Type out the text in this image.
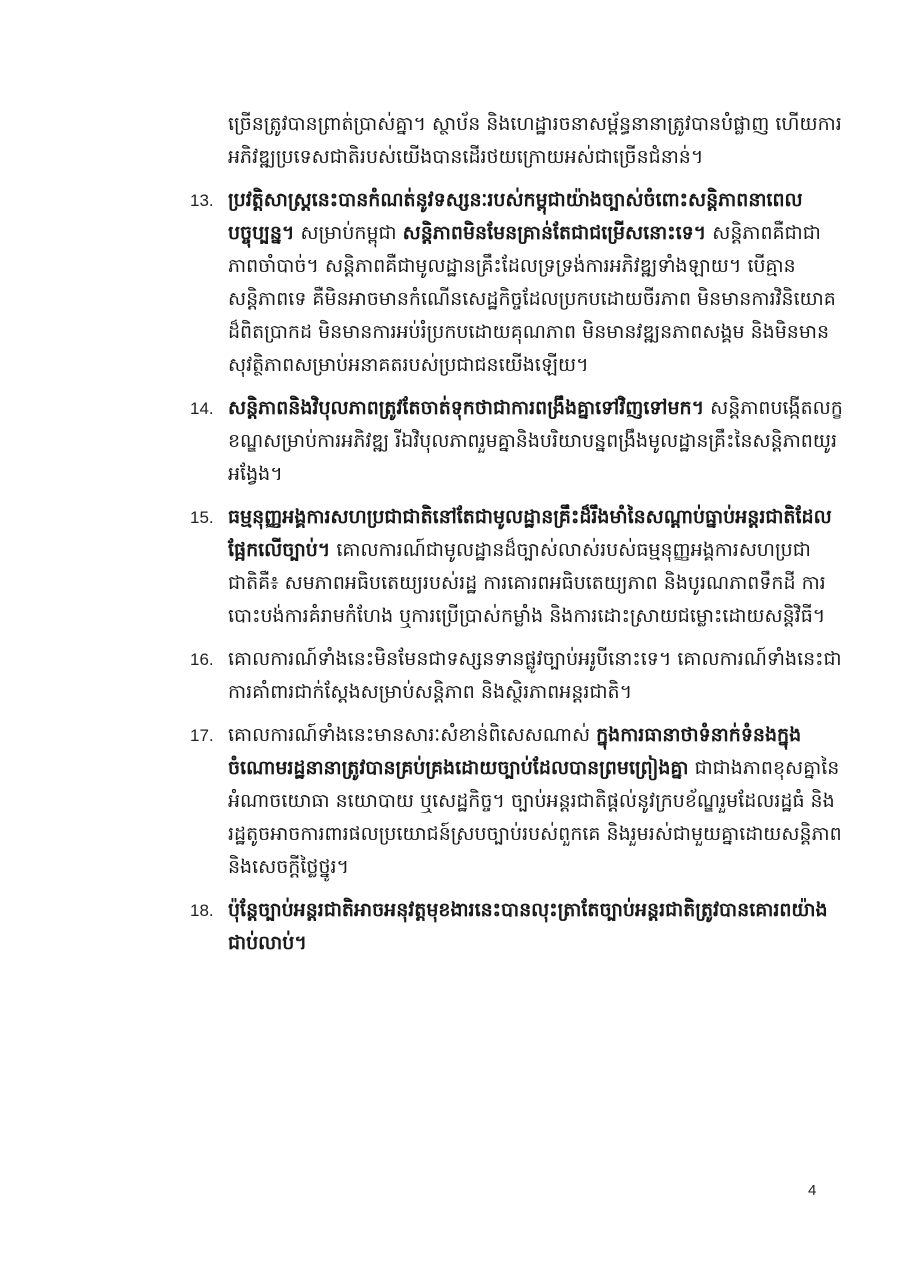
ច្រើនត្រូវបានព្រាត់ប្រាស់គ្នា។ ស្ថាប័ន និងហេដ្ឋារចនាសម្ព័ន្ធនានាត្រូវបានបំផ្លាញ ហើយការអភិវឌ្ឍប្រទេសជាតិរបស់យើងបានដើរថយក្រោយអស់ជាច្រើនជំនាន់។

13. ប្រវត្តិសាស្ត្រនេះបានកំណត់នូវទស្សនៈរបស់កម្ពុជាយ៉ាងច្បាស់ចំពោះសន្តិភាពនាពេលបច្ចុប្បន្ន។ សម្រាប់កម្ពុជា សន្តិភាពមិនមែនគ្រាន់តែជាជម្រើសនោះទេ។ សន្តិភាពគឺជាជាភាពចាំបាច់។ សន្តិភាពគឺជាមូលដ្ឋានគ្រឹះដែលទ្រទ្រង់ការអភិវឌ្ឍទាំងឡាយ។ បើគ្មានសន្តិភាពទេ គឺមិនអាចមានកំណើនសេដ្ឋកិច្ចដែលប្រកបដោយចីរភាព មិនមានការវិនិយោគដ៏ពិតប្រាកដ មិនមានការអប់រំប្រកបដោយគុណភាព មិនមានវឌ្ឍនភាពសង្គម និងមិនមានសុវត្ថិភាពសម្រាប់អនាគតរបស់ប្រជាជនយើងឡើយ។
14. សន្តិភាពនិងវិបុលភាពត្រូវតែចាត់ទុកថាជាការពង្រឹងគ្នាទៅវិញទៅមក។ សន្តិភាពបង្កើតលក្ខខណ្ឌសម្រាប់ការអភិវឌ្ឍ រីឯវិបុលភាពរួមគ្នានិងបរិយាបន្នពង្រឹងមូលដ្ឋានគ្រឹះនៃសន្តិភាពយូរអង្វែង។
15. ធម្មនុញ្ញអង្គការសហប្រជាជាតិនៅតែជាមូលដ្ឋានគ្រឹះដ៏រឹងមាំនៃសណ្តាប់ធ្នាប់អន្តរជាតិដែលផ្អែកលើច្បាប់។ គោលការណ៍ជាមូលដ្ឋានដ៏ច្បាស់លាស់របស់ធម្មនុញ្ញអង្គការសហប្រជាជាតិគឺ៖ សមភាពអធិបតេយ្យរបស់រដ្ឋ ការគោរពអធិបតេយ្យភាព និងបូរណភាពទឹកដី ការបោះបង់ការគំរាមកំហែង ឬការប្រើប្រាស់កម្លាំង និងការដោះស្រាយជម្លោះដោយសន្តិវិធី។
16. គោលការណ៍ទាំងនេះមិនមែនជាទស្សនទានផ្លូវច្បាប់អរូបីនោះទេ។ គោលការណ៍ទាំងនេះជាការគាំពារជាក់ស្តែងសម្រាប់សន្តិភាព និងស្ថិរភាពអន្តរជាតិ។
17. គោលការណ៍ទាំងនេះមានសារៈសំខាន់ពិសេសណាស់ ក្នុងការធានាថាទំនាក់ទំនងក្នុងចំណោមរដ្ឋនានាត្រូវបានគ្រប់គ្រងដោយច្បាប់ដែលបានព្រមព្រៀងគ្នា ជាជាងភាពខុសគ្នានៃអំណាចយោធា នយោបាយ ឬសេដ្ឋកិច្ច។ ច្បាប់អន្តរជាតិផ្តល់នូវក្របខ័ណ្ឌរួមដែលរដ្ឋធំ និងរដ្ឋតូចអាចការពារផលប្រយោជន៍ស្របច្បាប់របស់ពួកគេ និងរួមរស់ជាមួយគ្នាដោយសន្តិភាព និងសេចក្តីថ្លៃថ្នូរ។
18. ប៉ុន្តែច្បាប់អន្តរជាតិអាចអនុវត្តមុខងារនេះបានលុះត្រាតែច្បាប់អន្តរជាតិត្រូវបានគោរពយ៉ាងជាប់លាប់។
4
